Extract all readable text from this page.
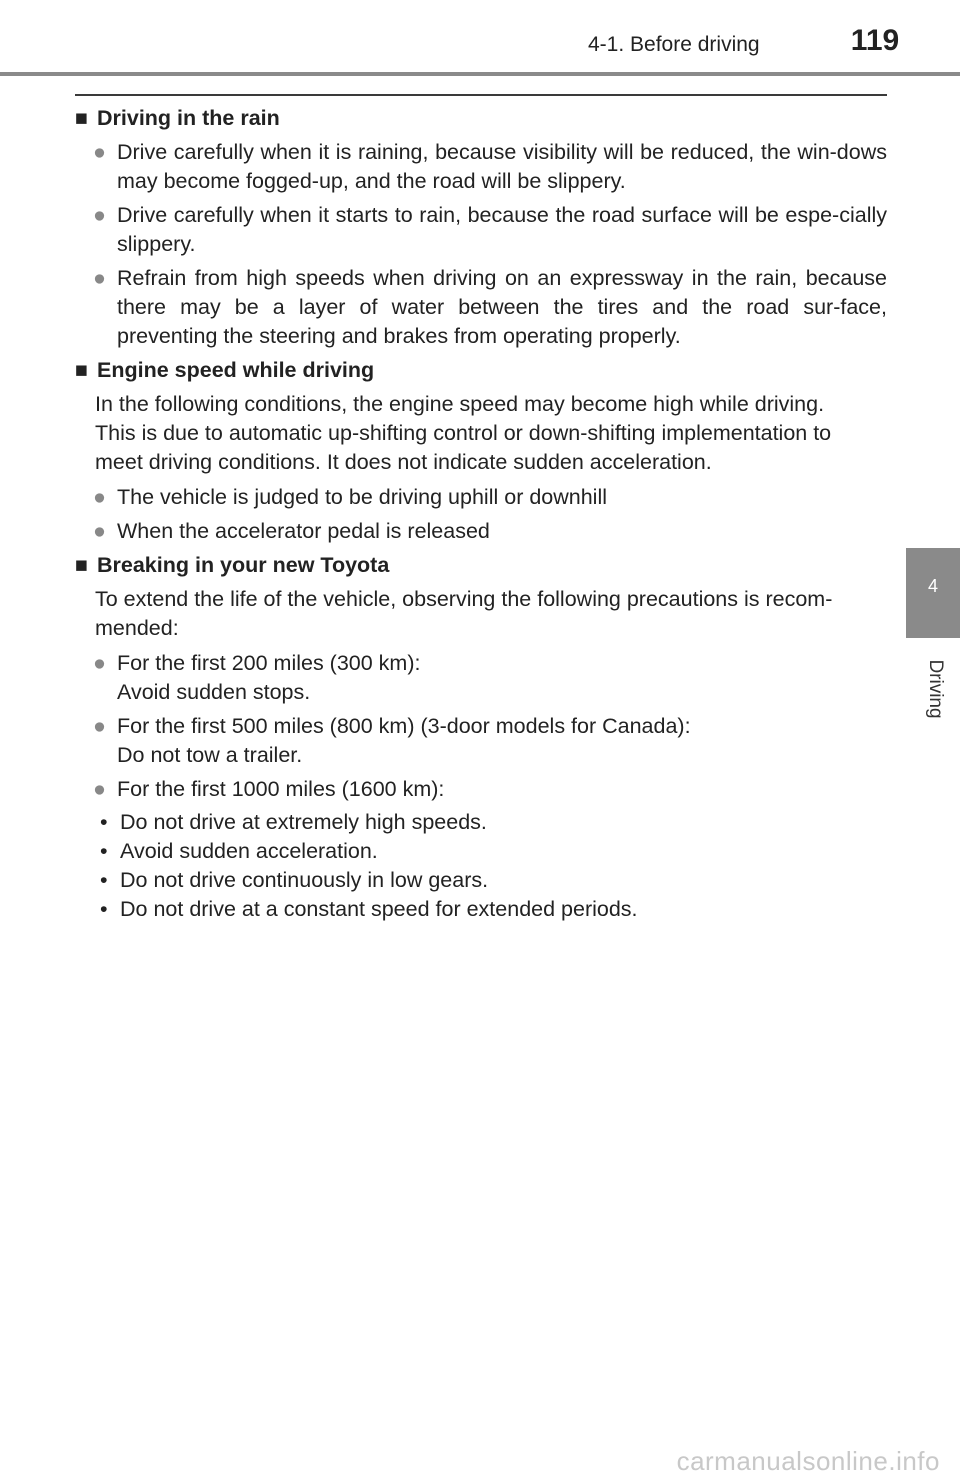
4-1. Before driving	119
4
Driving
■ Driving in the rain
● Drive carefully when it is raining, because visibility will be reduced, the win-dows may become fogged-up, and the road will be slippery.
● Drive carefully when it starts to rain, because the road surface will be espe-cially slippery.
● Refrain from high speeds when driving on an expressway in the rain, because there may be a layer of water between the tires and the road sur-face, preventing the steering and brakes from operating properly.
■ Engine speed while driving
In the following conditions, the engine speed may become high while driving.
This is due to automatic up-shifting control or down-shifting implementation to
meet driving conditions. It does not indicate sudden acceleration.
● The vehicle is judged to be driving uphill or downhill
● When the accelerator pedal is released
■ Breaking in your new Toyota
To extend the life of the vehicle, observing the following precautions is recom-
mended:
● For the first 200 miles (300 km):
Avoid sudden stops.
● For the first 500 miles (800 km) (3-door models for Canada):
Do not tow a trailer.
● For the first 1000 miles (1600 km):
• Do not drive at extremely high speeds.
• Avoid sudden acceleration.
• Do not drive continuously in low gears.
• Do not drive at a constant speed for extended periods.
carmanualsonline.info
